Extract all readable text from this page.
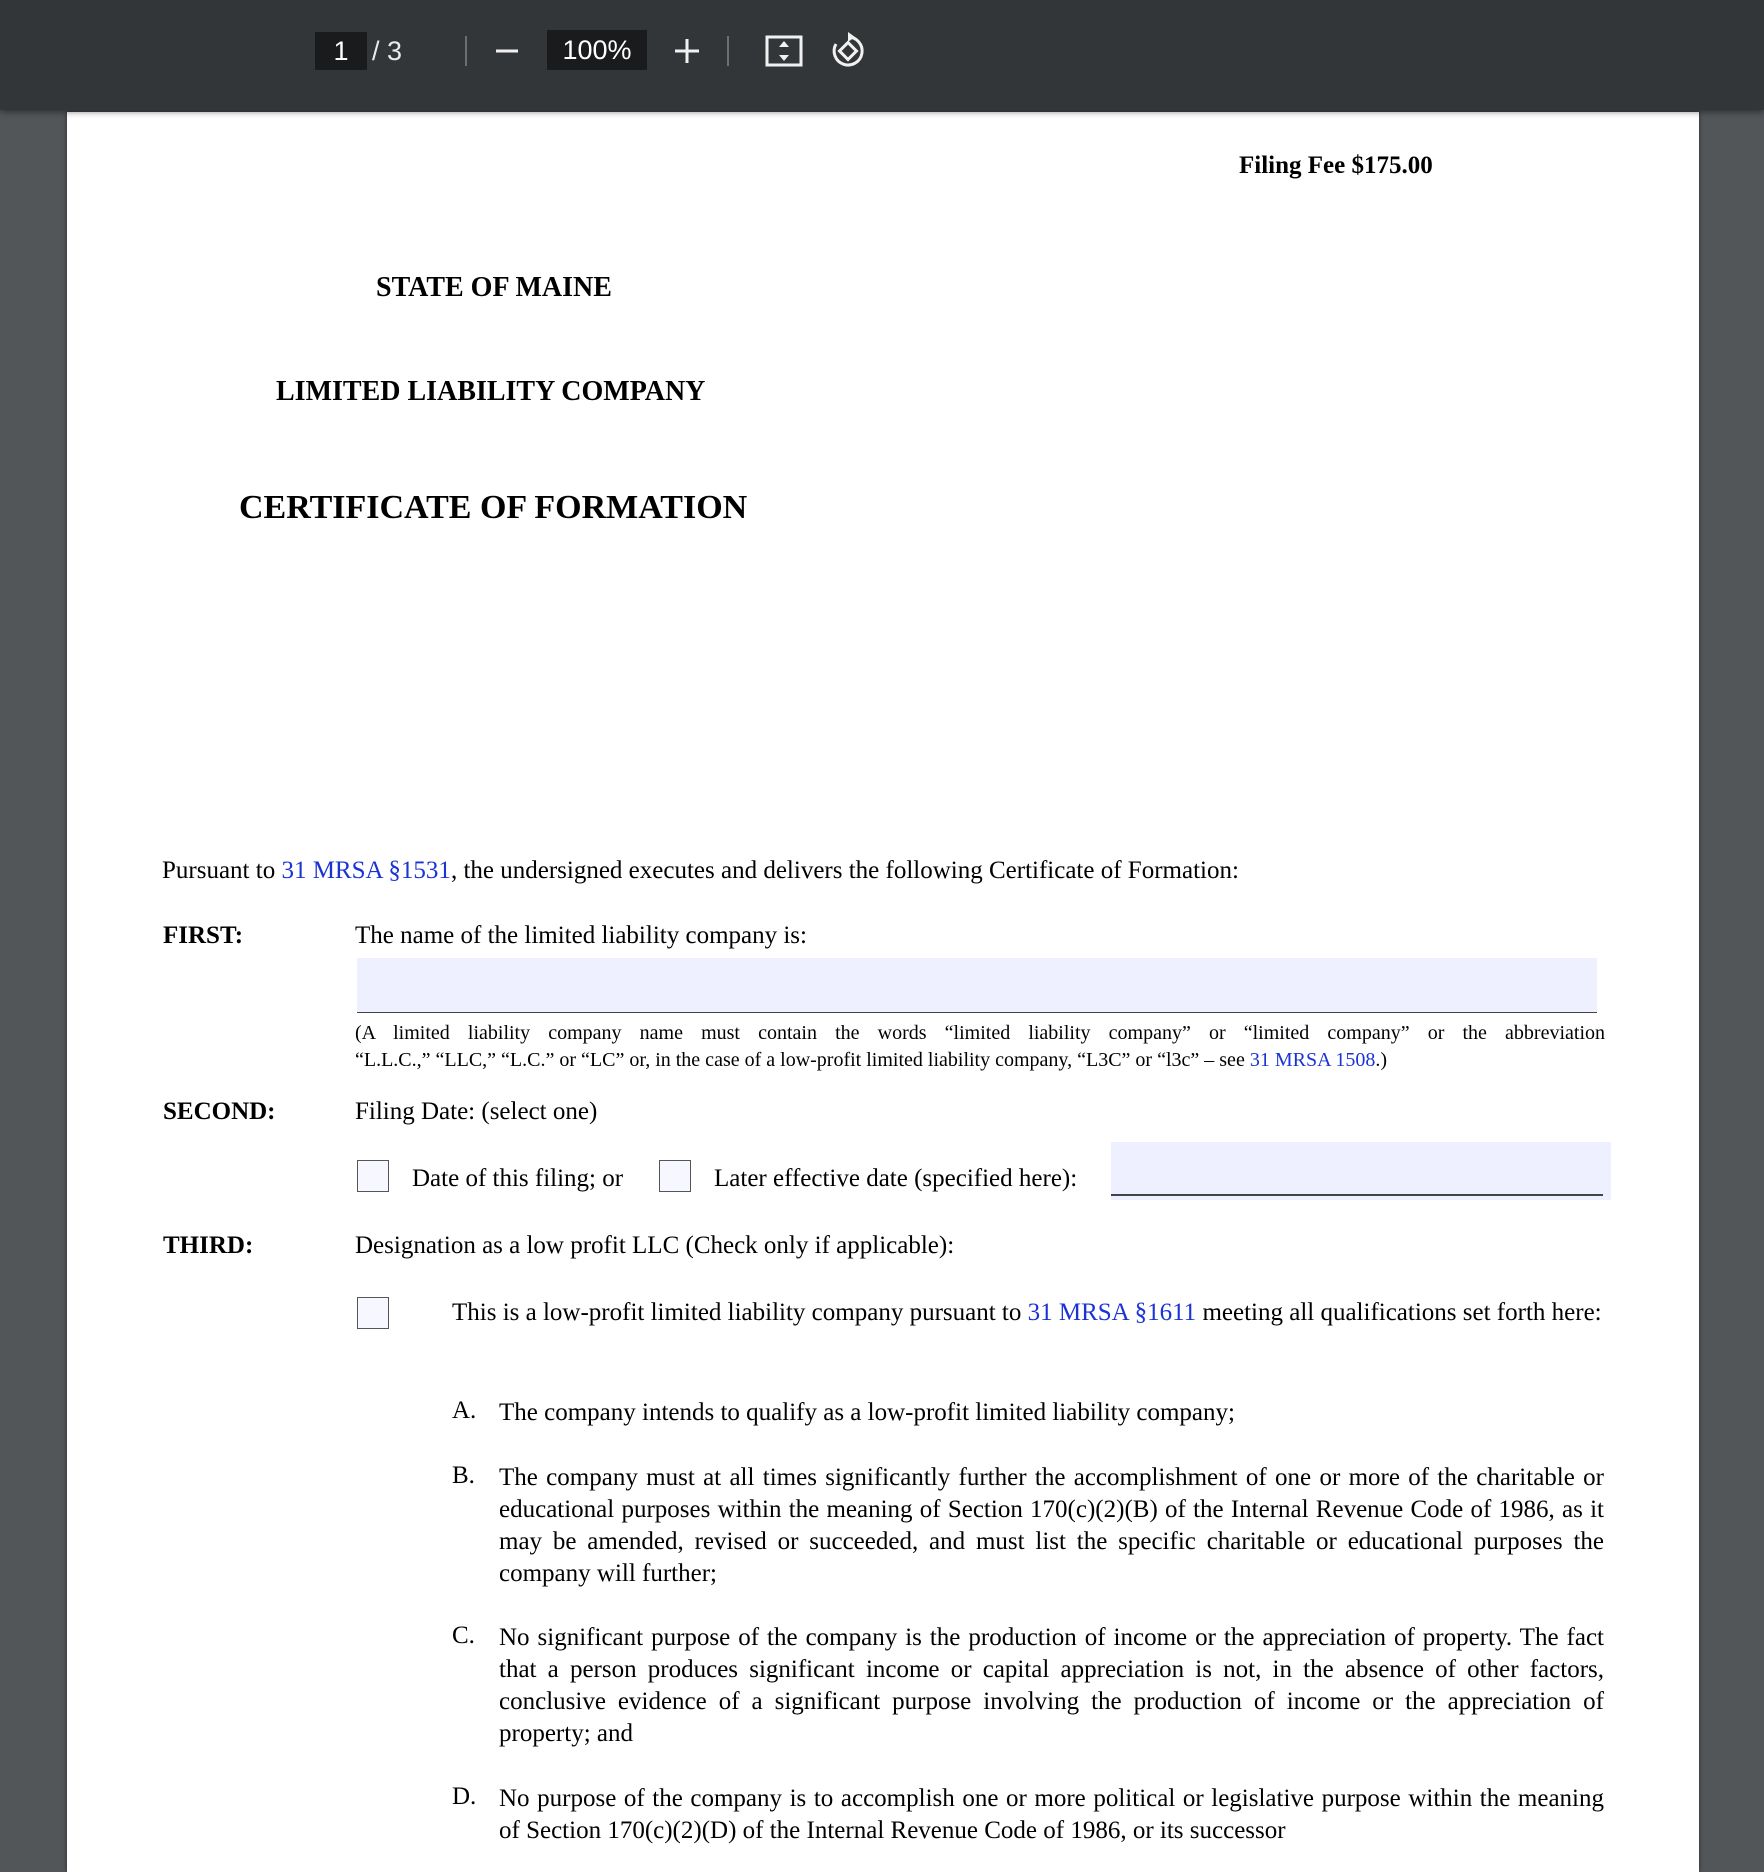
1 / 3	100%
Filing Fee $175.00
STATE OF MAINE
LIMITED LIABILITY COMPANY
CERTIFICATE OF FORMATION
Pursuant to 31 MRSA §1531, the undersigned executes and delivers the following Certificate of Formation:
FIRST:	The name of the limited liability company is:
(A limited liability company name must contain the words “limited liability company” or “limited company” or the abbreviation
“L.L.C.,” “LLC,” “L.C.” or “LC” or, in the case of a low-profit limited liability company, “L3C” or “l3c” – see 31 MRSA 1508.)
SECOND:	Filing Date: (select one)
Date of this filing; or	Later effective date (specified here):
THIRD:	Designation as a low profit LLC (Check only if applicable):
This is a low-profit limited liability company pursuant to 31 MRSA §1611 meeting all qualifications set forth here:
A. The company intends to qualify as a low-profit limited liability company;
B. The company must at all times significantly further the accomplishment of one or more of the charitable or educational purposes within the meaning of Section 170(c)(2)(B) of the Internal Revenue Code of 1986, as it may be amended, revised or succeeded, and must list the specific charitable or educational purposes the company will further;
C. No significant purpose of the company is the production of income or the appreciation of property. The fact that a person produces significant income or capital appreciation is not, in the absence of other factors, conclusive evidence of a significant purpose involving the production of income or the appreciation of property; and
D. No purpose of the company is to accomplish one or more political or legislative purpose within the meaning of Section 170(c)(2)(D) of the Internal Revenue Code of 1986, or its successor
